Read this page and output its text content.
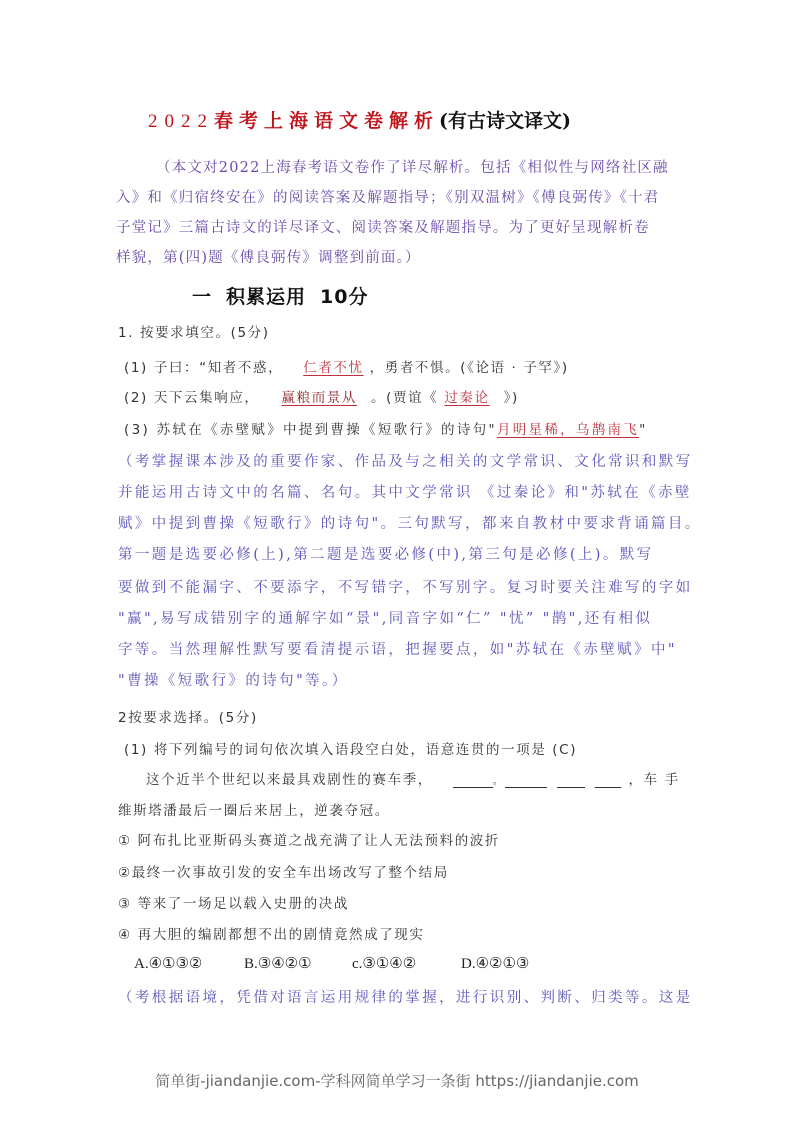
2022春考上海语文卷解析(有古诗文译文)
（本文对2022上海春考语文卷作了详尽解析。包括《相似性与网络社区融
入》和《归宿终安在》的阅读答案及解题指导；《别双温树》《傅良弼传》《十君
子堂记》三篇古诗文的详尽译文、阅读答案及解题指导。为了更好呈现解析卷
样貌，第(四)题《傅良弼传》调整到前面。）
一 积累运用 10分
1. 按要求填空。(5分)
(1) 子曰：“知者不惑， 仁者不忧 ，勇者不惧。(《论语 · 子罕》)
(2) 天下云集响应， 赢粮而景从 。(贾谊《 过秦论 》)
(3) 苏轼在《赤壁赋》中提到曹操《短歌行》的诗句"月明星稀，乌鹊南飞"
（考掌握课本涉及的重要作家、作品及与之相关的文学常识、文化常识和默写
并能运用古诗文中的名篇、名句。其中文学常识 《过秦论》和"苏轼在《赤壁
赋》中提到曹操《短歌行》的诗句"。三句默写，都来自教材中要求背诵篇目。
第一题是选要必修(上),第二题是选要必修(中),第三句是必修(上)。默写
要做到不能漏字、不要添字，不写错字，不写别字。复习时要关注难写的字如
"赢",易写成错别字的通解字如“景",同音字如“仁” "忧” "鹊",还有相似
字等。当然理解性默写要看清提示语，把握要点，如"苏轼在《赤壁赋》中"
"曹操《短歌行》的诗句"等。）
2按要求选择。(5分)
(1) 将下列编号的词句依次填入语段空白处，语意连贯的一项是 (C)
这个近半个世纪以来最具戏剧性的赛车季，	。	，车 手
维斯塔潘最后一圈后来居上，逆袭夺冠。
① 阿布扎比亚斯码头赛道之战充满了让人无法预料的波折
②最终一次事故引发的安全车出场改写了整个结局
③ 等来了一场足以载入史册的决战
④ 再大胆的编剧都想不出的剧情竟然成了现实
A.④①③②	B.③④②①	c.③①④②	D.④②①③
（考根据语境，凭借对语言运用规律的掌握，进行识别、判断、归类等。这是
简单街-jiandanjie.com-学科网简单学习一条街 https://jiandanjie.com
